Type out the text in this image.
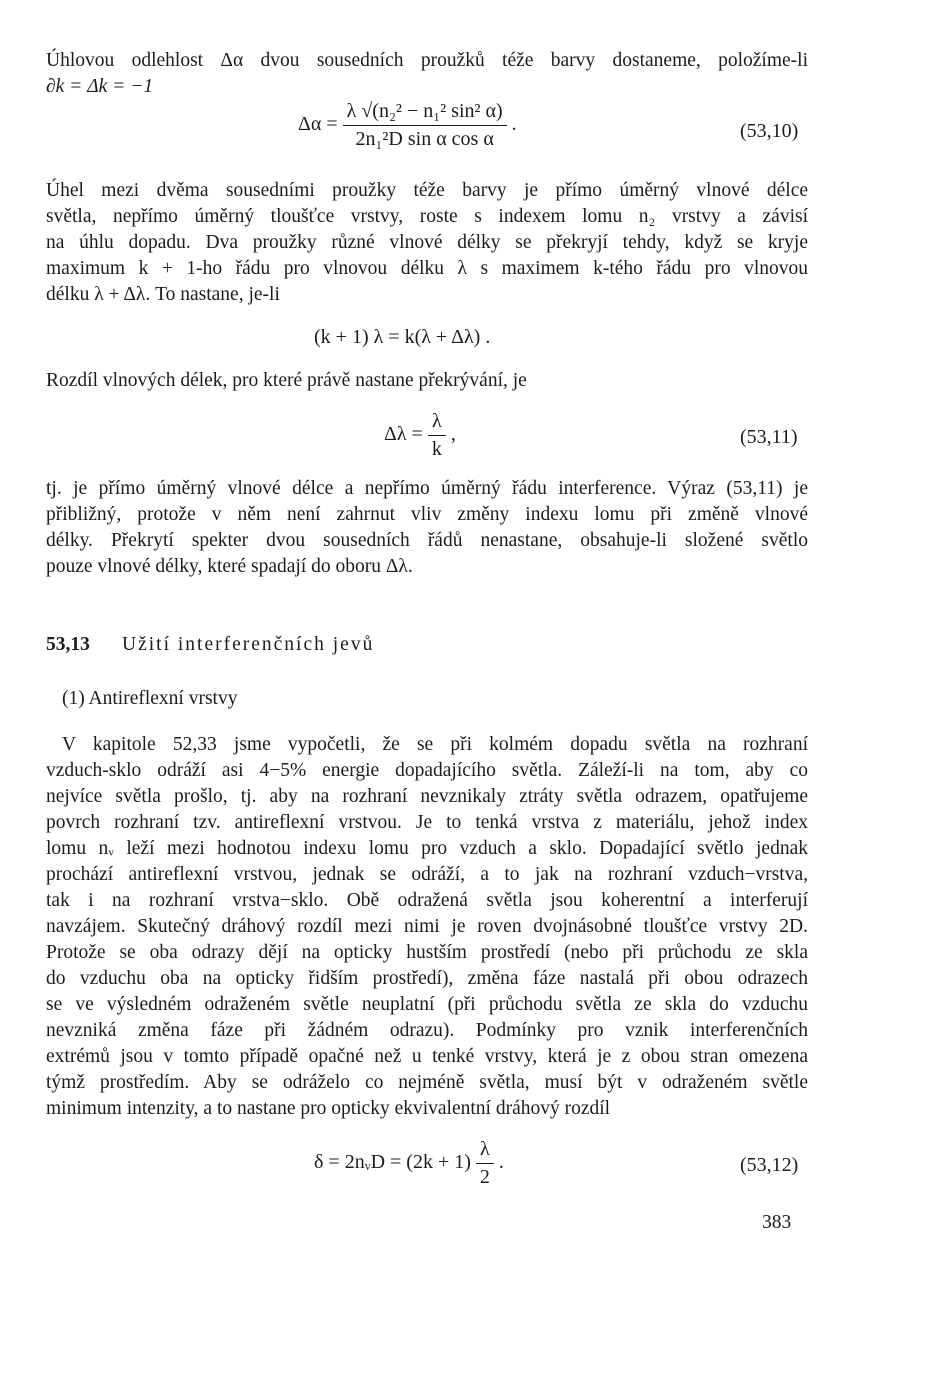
Úhlovou odlehlost Δα dvou sousedních proužků téže barvy dostaneme, položíme-li
∂k = Δk = −1
$\Delta\alpha = \frac{\text{λ √(n₂² − n₁² sin² α)}}{\text{2n₁²D sin α cos α}}$ .	(53,10)
Úhel mezi dvěma sousedními proužky téže barvy je přímo úměrný vlnové délce
světla, nepřímo úměrný tloušťce vrstvy, roste s indexem lomu n₂ vrstvy a závisí
na úhlu dopadu. Dva proužky různé vlnové délky se překryjí tehdy, když se kryje
maximum k + 1-ho řádu pro vlnovou délku λ s maximem k-tého řádu pro vlnovou
délku λ + Δλ. To nastane, je-li
(k + 1) λ = k(λ + Δλ) .
Rozdíl vlnových délek, pro které právě nastane překrývání, je
$\Delta\lambda = \frac{\lambda}{k}$ ,	(53,11)
tj. je přímo úměrný vlnové délce a nepřímo úměrný řádu interference. Výraz (53,11) je
přibližný, protože v něm není zahrnut vliv změny indexu lomu při změně vlnové
délky. Překrytí spekter dvou sousedních řádů nenastane, obsahuje-li složené světlo
pouze vlnové délky, které spadají do oboru Δλ.
53,13 Užití interferenčních jevů
(1) Antireflexní vrstvy
V kapitole 52,33 jsme vypočetli, že se při kolmém dopadu světla na rozhraní
vzduch-sklo odráží asi 4−5% energie dopadajícího světla. Záleží-li na tom, aby co
nejvíce světla prošlo, tj. aby na rozhraní nevznikaly ztráty světla odrazem, opatřujeme
povrch rozhraní tzv. antireflexní vrstvou. Je to tenká vrstva z materiálu, jehož index
lomu nᵥ leží mezi hodnotou indexu lomu pro vzduch a sklo. Dopadající světlo jednak
prochází antireflexní vrstvou, jednak se odráží, a to jak na rozhraní vzduch−vrstva,
tak i na rozhraní vrstva−sklo. Obě odražená světla jsou koherentní a interferují
navzájem. Skutečný dráhový rozdíl mezi nimi je roven dvojnásobné tloušťce vrstvy 2D.
Protože se oba odrazy dějí na opticky hustším prostředí (nebo při průchodu ze skla
do vzduchu oba na opticky řidším prostředí), změna fáze nastalá při obou odrazech
se ve výsledném odraženém světle neuplatní (při průchodu světla ze skla do vzduchu
nevzniká změna fáze při žádném odrazu). Podmínky pro vznik interferenčních
extrémů jsou v tomto případě opačné než u tenké vrstvy, která je z obou stran omezena
týmž prostředím. Aby se odráželo co nejméně světla, musí být v odraženém světle
minimum intenzity, a to nastane pro opticky ekvivalentní dráhový rozdíl
δ = 2nᵥD = $(2k + 1) \frac{\lambda}{2}$ .	(53,12)
383
